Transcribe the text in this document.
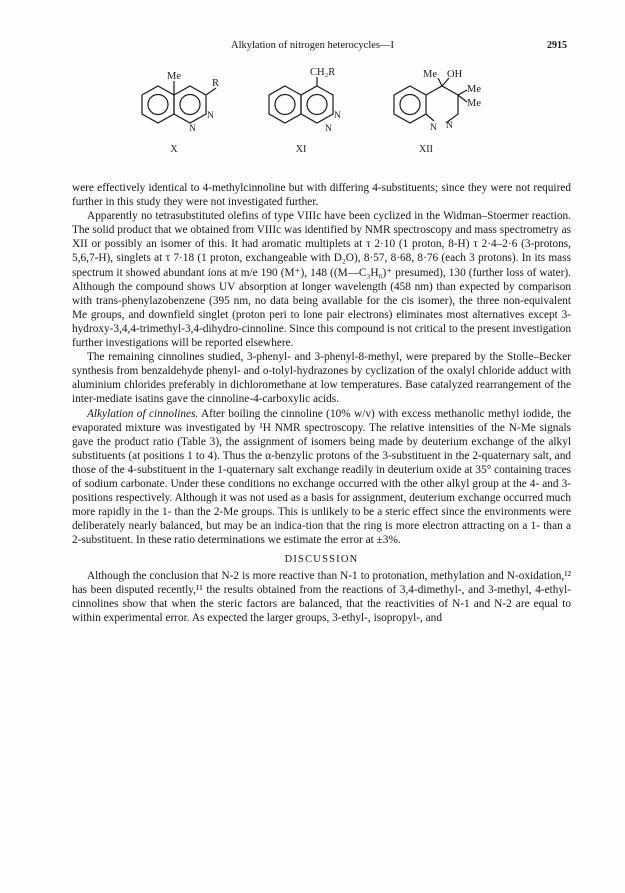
Alkylation of nitrogen heterocycles—I	2915
Me
R
N
N
X
CH₂R
N
N
XI
Me OH
Me
Me
N
N
XII

were effectively identical to 4-methylcinnoline but with differing 4-substituents; since they were not required further in this study they were not investigated further.

Apparently no tetrasubstituted olefins of type VIIIc have been cyclized in the Widman–Stoermer reaction. The solid product that we obtained from VIIIc was identified by NMR spectroscopy and mass spectrometry as XII or possibly an isomer of this. It had aromatic multiplets at τ 2·10 (1 proton, 8-H) τ 2·4–2·6 (3-protons, 5,6,7-H), singlets at τ 7·18 (1 proton, exchangeable with D₂O), 8·57, 8·68, 8·76 (each 3 protons). In its mass spectrum it showed abundant ions at m/e 190 (M⁺), 148 ((M—C₃H₆)⁺ presumed), 130 (further loss of water). Although the compound shows UV absorption at longer wavelength (458 nm) than expected by comparison with trans-phenylazobenzene (395 nm, no data being available for the cis isomer), the three non-equivalent Me groups, and downfield singlet (proton peri to lone pair electrons) eliminates most alternatives except 3-hydroxy-3,4,4-trimethyl-3,4-dihydro-cinnoline. Since this compound is not critical to the present investigation further investigations will be reported elsewhere.

The remaining cinnolines studied, 3-phenyl- and 3-phenyl-8-methyl, were prepared by the Stolle–Becker synthesis from benzaldehyde phenyl- and o-tolyl-hydrazones by cyclization of the oxalyl chloride adduct with aluminium chlorides preferably in dichloromethane at low temperatures. Base catalyzed rearrangement of the inter-mediate isatins gave the cinnoline-4-carboxylic acids.

Alkylation of cinnolines. After boiling the cinnoline (10% w/v) with excess methanolic methyl iodide, the evaporated mixture was investigated by ¹H NMR spectroscopy. The relative intensities of the N-Me signals gave the product ratio (Table 3), the assignment of isomers being made by deuterium exchange of the alkyl substituents (at positions 1 to 4). Thus the α-benzylic protons of the 3-substituent in the 2-quaternary salt, and those of the 4-substituent in the 1-quaternary salt exchange readily in deuterium oxide at 35° containing traces of sodium carbonate. Under these conditions no exchange occurred with the other alkyl group at the 4- and 3-positions respectively. Although it was not used as a basis for assignment, deuterium exchange occurred much more rapidly in the 1- than the 2-Me groups. This is unlikely to be a steric effect since the environments were deliberately nearly balanced, but may be an indica-tion that the ring is more electron attracting on a 1- than a 2-substituent. In these ratio determinations we estimate the error at ±3%.

DISCUSSION

Although the conclusion that N-2 is more reactive than N-1 to protonation, methylation and N-oxidation,¹² has been disputed recently,¹¹ the results obtained from the reactions of 3,4-dimethyl-, and 3-methyl, 4-ethyl-cinnolines show that when the steric factors are balanced, that the reactivities of N-1 and N-2 are equal to within experimental error. As expected the larger groups, 3-ethyl-, isopropyl-, and
